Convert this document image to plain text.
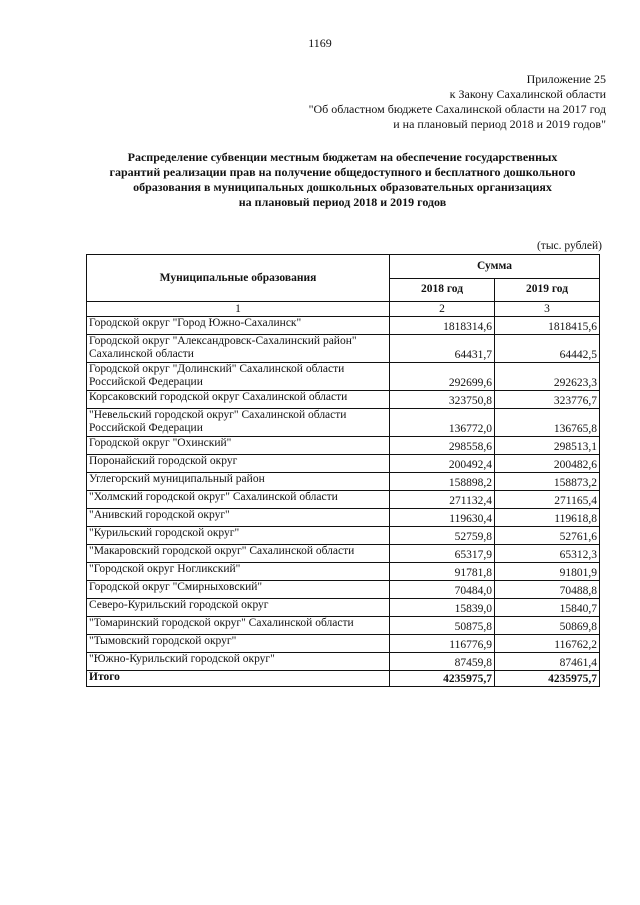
1169
Приложение 25
к Закону Сахалинской области
"Об областном бюджете Сахалинской области на 2017 год
и на плановый период 2018 и 2019 годов"
Распределение субвенции местным бюджетам на обеспечение государственных
гарантий реализации прав на получение общедоступного и бесплатного дошкольного
образования в муниципальных дошкольных образовательных организациях
на плановый период 2018 и 2019 годов
(тыс. рублей)
Муниципальные образования	Сумма	
	2018 год	2019 год
1	2	3
Городской округ "Город Южно-Сахалинск"	1818314,6	1818415,6
Городской округ "Александровск-Сахалинский район" Сахалинской области	64431,7	64442,5
Городской округ "Долинский" Сахалинской области Российской Федерации	292699,6	292623,3
Корсаковский городской округ Сахалинской области	323750,8	323776,7
"Невельский городской округ" Сахалинской области Российской Федерации	136772,0	136765,8
Городской округ "Охинский"	298558,6	298513,1
Поронайский городской округ	200492,4	200482,6
Углегорский муниципальный район	158898,2	158873,2
"Холмский городской округ" Сахалинской области	271132,4	271165,4
"Анивский городской округ"	119630,4	119618,8
"Курильский городской округ"	52759,8	52761,6
"Макаровский городской округ" Сахалинской области	65317,9	65312,3
"Городской округ Ногликский"	91781,8	91801,9
Городской округ "Смирныховский"	70484,0	70488,8
Северо-Курильский городской округ	15839,0	15840,7
"Томаринский городской округ" Сахалинской области	50875,8	50869,8
"Тымовский городской округ"	116776,9	116762,2
"Южно-Курильский городской округ"	87459,8	87461,4
Итого	4235975,7	4235975,7
